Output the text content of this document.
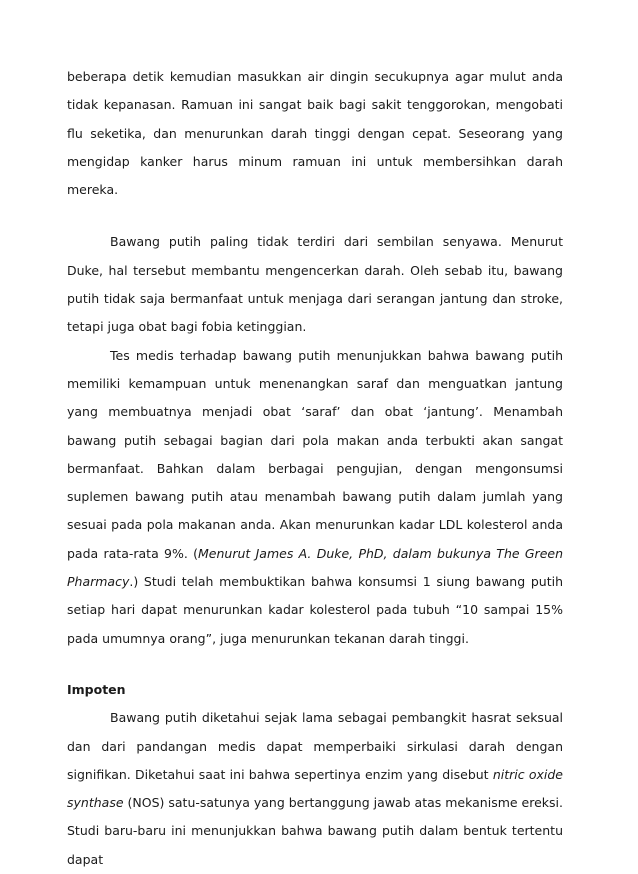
beberapa detik kemudian masukkan air dingin secukupnya agar mulut anda tidak kepanasan. Ramuan ini sangat baik bagi sakit tenggorokan, mengobati flu seketika, dan menurunkan darah tinggi dengan cepat. Seseorang yang mengidap kanker harus minum ramuan ini untuk membersihkan darah mereka.

Bawang putih paling tidak terdiri dari sembilan senyawa. Menurut Duke, hal tersebut membantu mengencerkan darah. Oleh sebab itu, bawang putih tidak saja bermanfaat untuk menjaga dari serangan jantung dan stroke, tetapi juga obat bagi fobia ketinggian.

Tes medis terhadap bawang putih menunjukkan bahwa bawang putih memiliki kemampuan untuk menenangkan saraf dan menguatkan jantung yang membuatnya menjadi obat ‘saraf’ dan obat ‘jantung’. Menambah bawang putih sebagai bagian dari pola makan anda terbukti akan sangat bermanfaat. Bahkan dalam berbagai pengujian, dengan mengonsumsi suplemen bawang putih atau menambah bawang putih dalam jumlah yang sesuai pada pola makanan anda. Akan menurunkan kadar LDL kolesterol anda pada rata-rata 9%. (Menurut James A. Duke, PhD, dalam bukunya The Green Pharmacy.) Studi telah membuktikan bahwa konsumsi 1 siung bawang putih setiap hari dapat menurunkan kadar kolesterol pada tubuh “10 sampai 15% pada umumnya orang”, juga menurunkan tekanan darah tinggi.

Impoten

Bawang putih diketahui sejak lama sebagai pembangkit hasrat seksual dan dari pandangan medis dapat memperbaiki sirkulasi darah dengan signifikan. Diketahui saat ini bahwa sepertinya enzim yang disebut nitric oxide synthase (NOS) satu-satunya yang bertanggung jawab atas mekanisme ereksi. Studi baru-baru ini menunjukkan bahwa bawang putih dalam bentuk tertentu dapat
